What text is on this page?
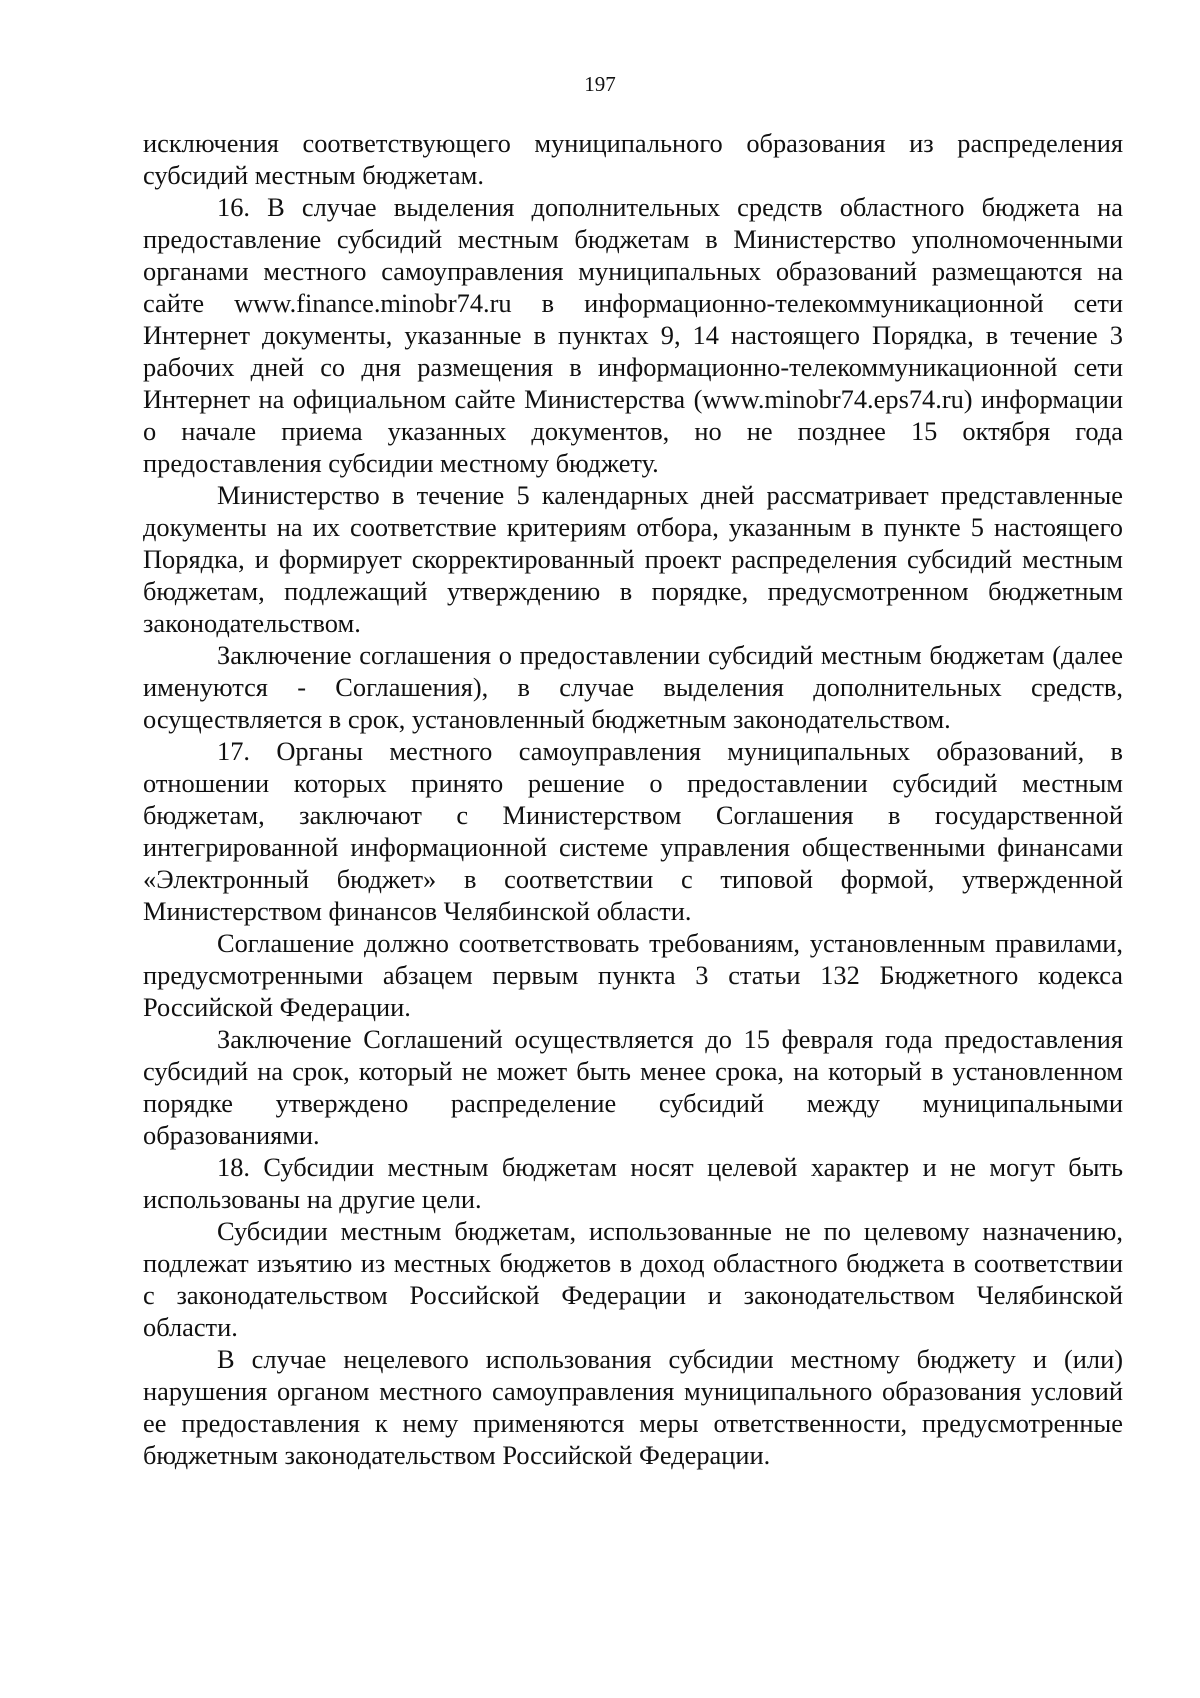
197

исключения соответствующего муниципального образования из распределения субсидий местным бюджетам.

16. В случае выделения дополнительных средств областного бюджета на предоставление субсидий местным бюджетам в Министерство уполномоченными органами местного самоуправления муниципальных образований размещаются на сайте www.finance.minobr74.ru в информационно-телекоммуникационной сети Интернет документы, указанные в пунктах 9, 14 настоящего Порядка, в течение 3 рабочих дней со дня размещения в информационно-телекоммуникационной сети Интернет на официальном сайте Министерства (www.minobr74.eps74.ru) информации о начале приема указанных документов, но не позднее 15 октября года предоставления субсидии местному бюджету.

Министерство в течение 5 календарных дней рассматривает представленные документы на их соответствие критериям отбора, указанным в пункте 5 настоящего Порядка, и формирует скорректированный проект распределения субсидий местным бюджетам, подлежащий утверждению в порядке, предусмотренном бюджетным законодательством.

Заключение соглашения о предоставлении субсидий местным бюджетам (далее именуются - Соглашения), в случае выделения дополнительных средств, осуществляется в срок, установленный бюджетным законодательством.

17. Органы местного самоуправления муниципальных образований, в отношении которых принято решение о предоставлении субсидий местным бюджетам, заключают с Министерством Соглашения в государственной интегрированной информационной системе управления общественными финансами «Электронный бюджет» в соответствии с типовой формой, утвержденной Министерством финансов Челябинской области.

Соглашение должно соответствовать требованиям, установленным правилами, предусмотренными абзацем первым пункта 3 статьи 132 Бюджетного кодекса Российской Федерации.

Заключение Соглашений осуществляется до 15 февраля года предоставления субсидий на срок, который не может быть менее срока, на который в установленном порядке утверждено распределение субсидий между муниципальными образованиями.

18. Субсидии местным бюджетам носят целевой характер и не могут быть использованы на другие цели.

Субсидии местным бюджетам, использованные не по целевому назначению, подлежат изъятию из местных бюджетов в доход областного бюджета в соответствии с законодательством Российской Федерации и законодательством Челябинской области.

В случае нецелевого использования субсидии местному бюджету и (или) нарушения органом местного самоуправления муниципального образования условий ее предоставления к нему применяются меры ответственности, предусмотренные бюджетным законодательством Российской Федерации.
